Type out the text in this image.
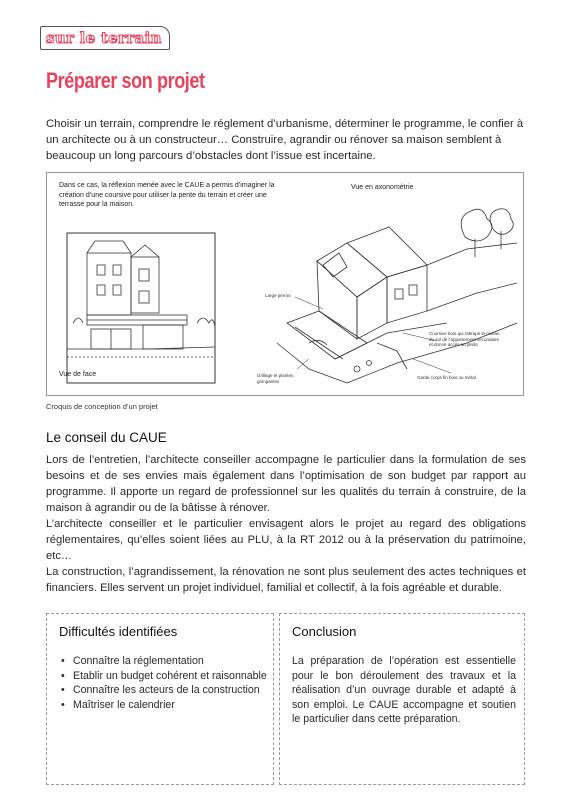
sur le terrain
Préparer son projet

Choisir un terrain, comprendre le réglement d’urbanisme, déterminer le programme, le confier à un architecte ou à un constructeur… Construire, agrandir ou rénover sa maison semblent à beaucoup un long parcours d’obstacles dont l’issue est incertaine.

Dans ce cas, la réflexion menée avec le CAUE a permis d’imaginer la création d’une coursive pour utiliser la pente du terrain et créer une terrasse pour la maison.
Vue en axonométrie
Vue de face
Large perron
Coursive bois qui rattrape le niveau du sol de l’appartement secondaire et donne accès au jardin
Garde corps fin bois ou métal
Grillage et plantes grimpantes
Croquis de conception d’un projet
Le conseil du CAUE

Lors de l’entretien, l’architecte conseiller accompagne le particulier dans la formulation de ses besoins et de ses envies mais également dans l’optimisation de son budget par rapport au programme. Il apporte un regard de professionnel sur les qualités du terrain à construire, de la maison à agrandir ou de la bâtisse à rénover.

L’architecte conseiller et le particulier envisagent alors le projet au regard des obligations réglementaires, qu’elles soient liées au PLU, à la RT 2012 ou à la préservation du patrimoine, etc…

La construction, l’agrandissement, la rénovation ne sont plus seulement des actes techniques et financiers. Elles servent un projet individuel, familial et collectif, à la fois agréable et durable.

Difficultés identifiées
• Connaître la réglementation
• Etablir un budget cohérent et raisonnable
• Connaître les acteurs de la construction
• Maîtriser le calendrier
Conclusion

La préparation de l’opération est essentielle pour le bon déroulement des travaux et la réalisation d’un ouvrage durable et adapté à son emploi. Le CAUE accompagne et soutien le particulier dans cette préparation.
